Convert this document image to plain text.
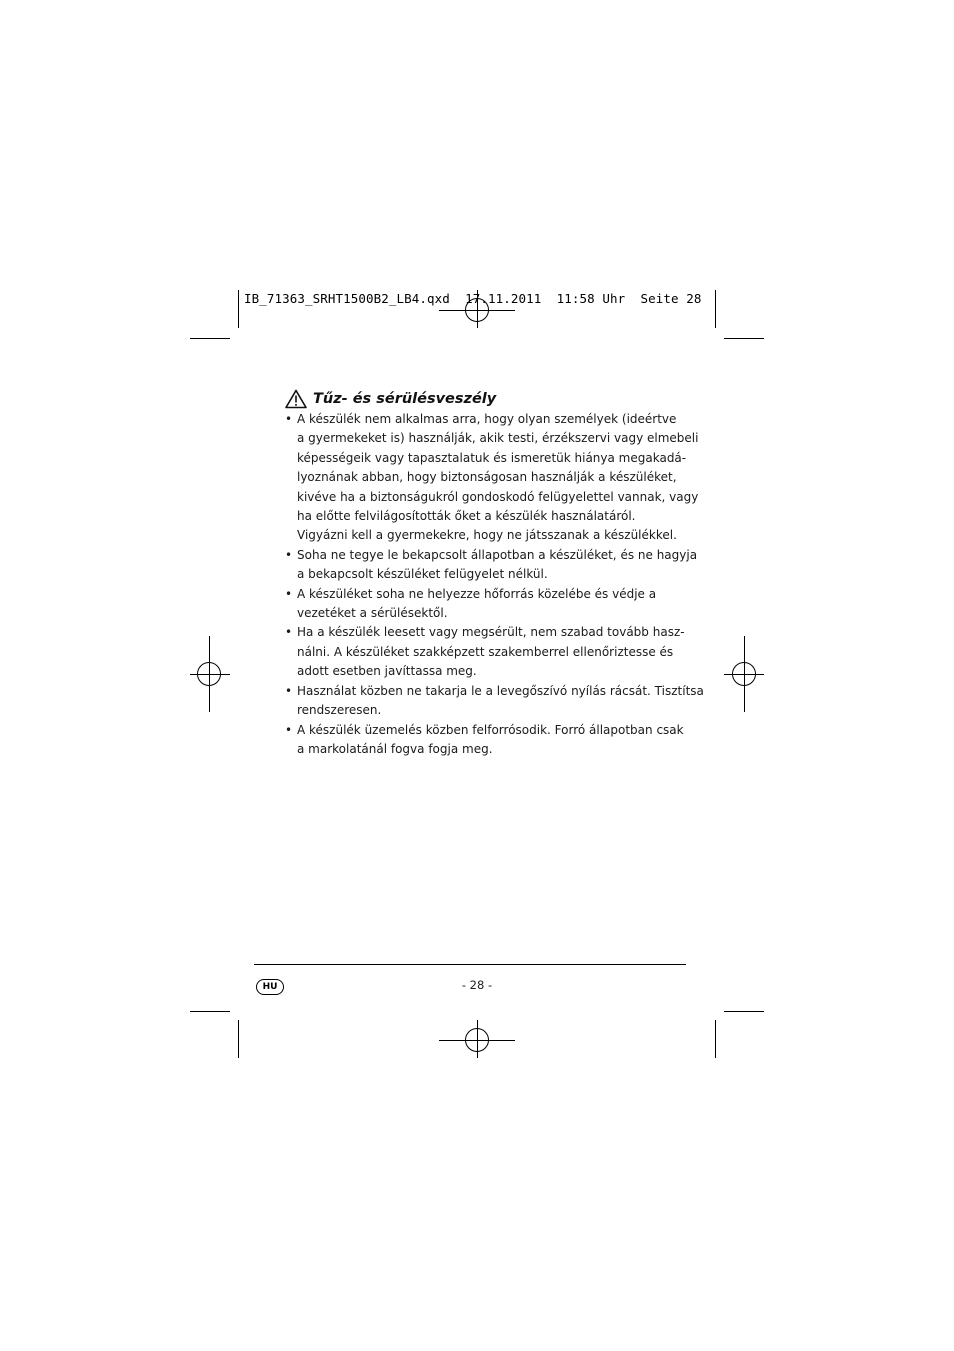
IB_71363_SRHT1500B2_LB4.qxd  17.11.2011  11:58 Uhr  Seite 28
Tűz- és sérülésveszély
• A készülék nem alkalmas arra, hogy olyan személyek (ideértve
a gyermekeket is) használják, akik testi, érzékszervi vagy elmebeli
képességeik vagy tapasztalatuk és ismeretük hiánya megakadá-
lyoznának abban, hogy biztonságosan használják a készüléket,
kivéve ha a biztonságukról gondoskodó felügyelettel vannak, vagy
ha előtte felvilágosították őket a készülék használatáról.
Vigyázni kell a gyermekekre, hogy ne játsszanak a készülékkel.
• Soha ne tegye le bekapcsolt állapotban a készüléket, és ne hagyja
a bekapcsolt készüléket felügyelet nélkül.
• A készüléket soha ne helyezze hőforrás közelébe és védje a
vezetéket a sérülésektől.
• Ha a készülék leesett vagy megsérült, nem szabad tovább hasz-
nálni. A készüléket szakképzett szakemberrel ellenőriztesse és
adott esetben javíttassa meg.
• Használat közben ne takarja le a levegőszívó nyílás rácsát. Tisztítsa
rendszeresen.
• A készülék üzemelés közben felforrósodik. Forró állapotban csak
a markolatánál fogva fogja meg.
HU	- 28 -
